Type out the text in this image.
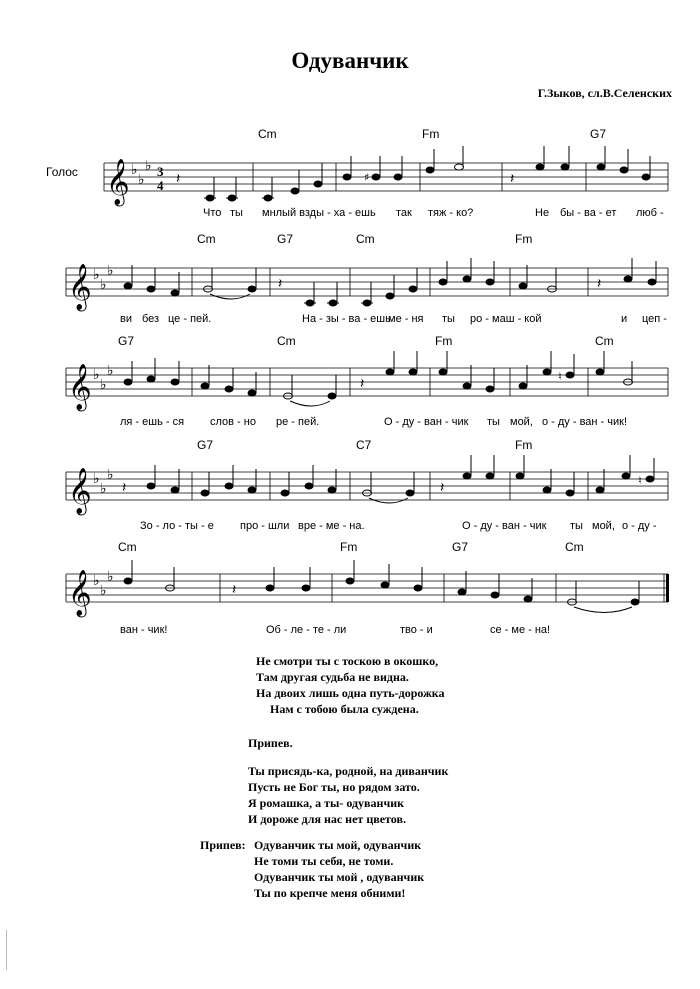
Одуванчик
Г.Зыков, сл.В.Селенских
Голос
Cm	Fm	G7
𝄞 ♭
♭
♭ 3
4 𝄽	♯	𝄽
Что ты мнлый взды - ха - ешь так тяж - ко?	Не бы - ва - ет люб -
Cm	G7	Cm	Fm
𝄞 ♭
♭
♭
𝄽	𝄽
ви без це - пей.	На - зы - ва - ешь
ме - ня ты ро - маш - кой	и цеп -
G7	Cm	Fm	Cm
𝄞 ♭
♭
♭
𝄽	♮
ля - ешь - ся слов - но ре - пей.	О - ду - ван - чик ты мой, о - ду - ван - чик!
G7	C7	Fm
𝄞 ♭
♭
♭
𝄽	𝄽	♮
Зо - ло - ты - е про - шли вре - ме - на.	О - ду - ван - чик ты мой, о - ду -
Cm	Fm	G7	Cm
𝄞 ♭
♭
♭
𝄽
ван - чик!	Об - ле - те - ли	тво - и	се - ме - на!
Не смотри ты с тоскою в окошко,
Там другая судьба не видна.
На двоих лишь одна путь-дорожка
Нам с тобою была суждена.
Припев.
Ты присядь-ка, родной, на диванчик
Пусть не Бог ты, но рядом зато.
Я ромашка, а ты- одуванчик
И дороже для нас нет цветов.
Припев: Одуванчик ты мой, одуванчик
Не томи ты себя, не томи.
Одуванчик ты мой , одуванчик
Ты по крепче меня обними!
